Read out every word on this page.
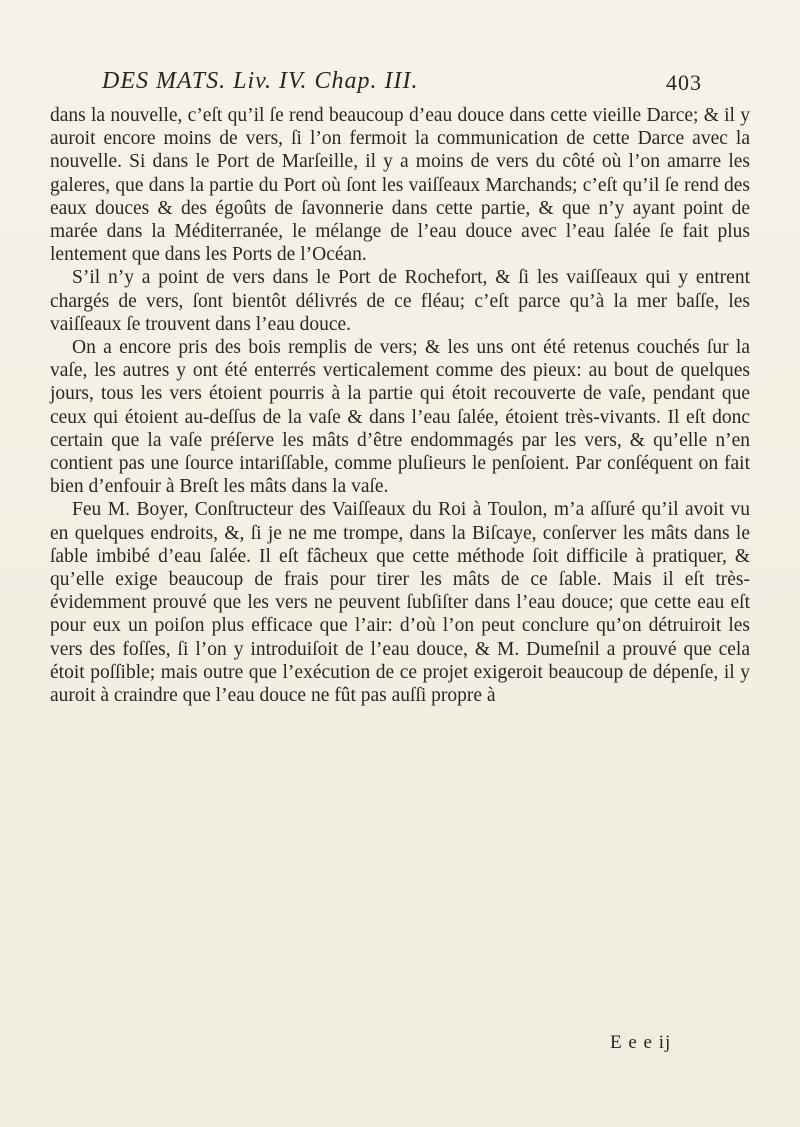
DES MATS. Liv. IV. Chap. III.	403

dans la nouvelle, c’eſt qu’il ſe rend beaucoup d’eau douce dans cette vieille Darce; & il y auroit encore moins de vers, ſi l’on fermoit la communication de cette Darce avec la nouvelle. Si dans le Port de Marſeille, il y a moins de vers du côté où l’on amarre les galeres, que dans la partie du Port où ſont les vaiſſeaux Marchands; c’eſt qu’il ſe rend des eaux douces & des égoûts de ſavonnerie dans cette partie, & que n’y ayant point de marée dans la Méditerranée, le mélange de l’eau douce avec l’eau ſalée ſe fait plus lentement que dans les Ports de l’Océan.

S’il n’y a point de vers dans le Port de Rochefort, & ſi les vaiſſeaux qui y entrent chargés de vers, ſont bientôt délivrés de ce fléau; c’eſt parce qu’à la mer baſſe, les vaiſſeaux ſe trouvent dans l’eau douce.

On a encore pris des bois remplis de vers; & les uns ont été retenus couchés ſur la vaſe, les autres y ont été enterrés verticalement comme des pieux: au bout de quelques jours, tous les vers étoient pourris à la partie qui étoit recouverte de vaſe, pendant que ceux qui étoient au-deſſus de la vaſe & dans l’eau ſalée, étoient très-vivants. Il eſt donc certain que la vaſe préſerve les mâts d’être endommagés par les vers, & qu’elle n’en contient pas une ſource intariſſable, comme pluſieurs le penſoient. Par conſéquent on fait bien d’enfouir à Breſt les mâts dans la vaſe.

Feu M. Boyer, Conſtructeur des Vaiſſeaux du Roi à Toulon, m’a aſſuré qu’il avoit vu en quelques endroits, &, ſi je ne me trompe, dans la Biſcaye, conſerver les mâts dans le ſable imbibé d’eau ſalée. Il eſt fâcheux que cette méthode ſoit difficile à pratiquer, & qu’elle exige beaucoup de frais pour tirer les mâts de ce ſable. Mais il eſt très-évidemment prouvé que les vers ne peuvent ſubſiſter dans l’eau douce; que cette eau eſt pour eux un poiſon plus efficace que l’air: d’où l’on peut conclure qu’on détruiroit les vers des foſſes, ſi l’on y introduiſoit de l’eau douce, & M. Dumeſnil a prouvé que cela étoit poſſible; mais outre que l’exécution de ce projet exigeroit beaucoup de dépenſe, il y auroit à craindre que l’eau douce ne fût pas auſſi propre à

E e e ij
